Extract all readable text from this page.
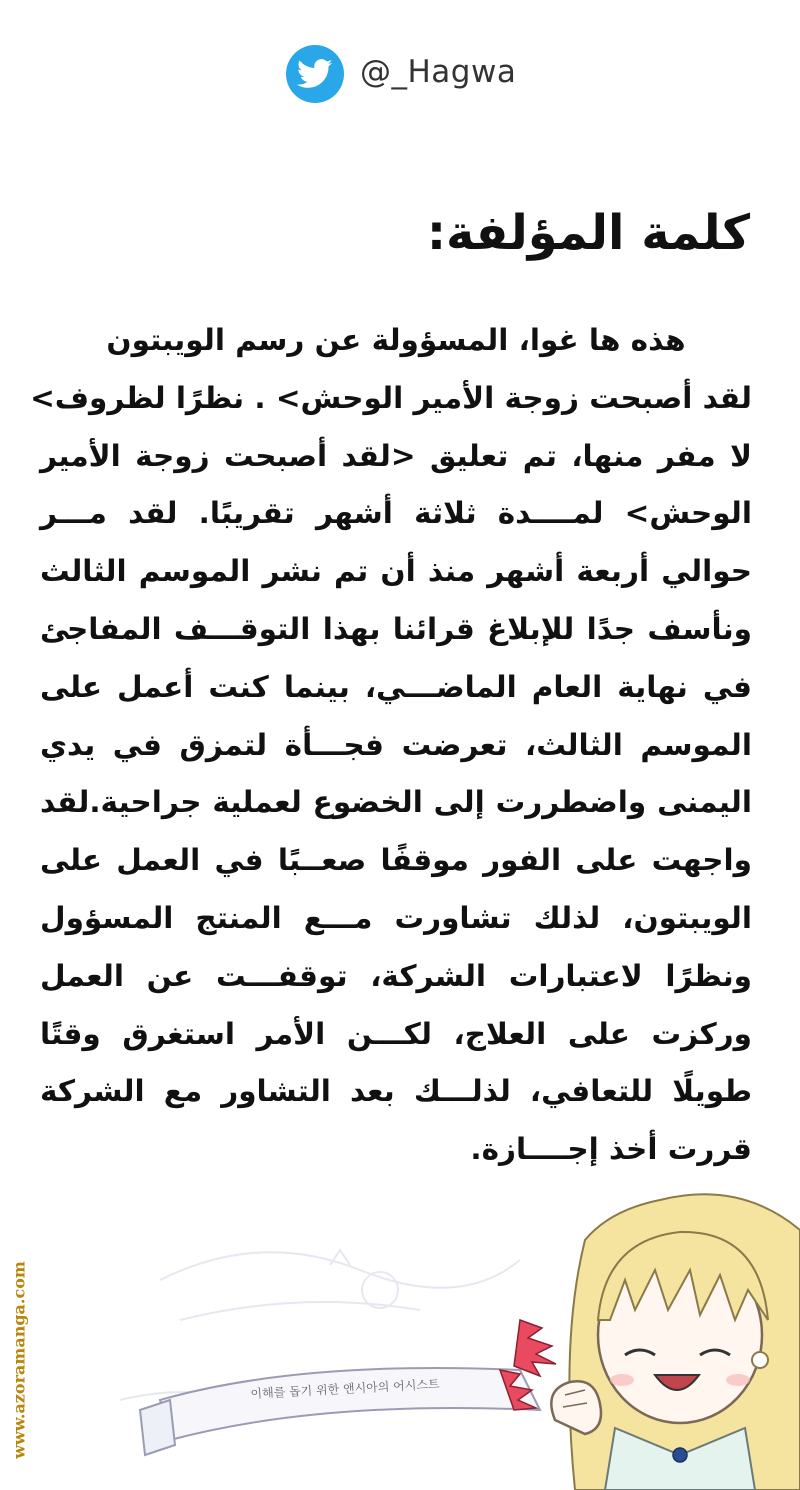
@_Hagwa
كلمة المؤلفة:

هذه ها غوا، المسؤولة عن رسم الويبتون
لقد أصبحت زوجة الأمير الوحش> . نظرًا لظروف>
لا مفر منها، تم تعليق <لقد أصبحت زوجة الأمير
الوحش> لمــــدة ثلاثة أشهر تقريبًا. لقد مـــر
حوالي أربعة أشهر منذ أن تم نشر الموسم الثالث
ونأسف جدًا للإبلاغ قرائنا بهذا التوقـــف المفاجئ
في نهاية العام الماضـــي، بينما كنت أعمل على
الموسم الثالث، تعرضت فجـــأة لتمزق في يدي
اليمنى واضطررت إلى الخضوع لعملية جراحية.لقد
واجهت على الفور موقفًا صعــبًا في العمل على
الويبتون، لذلك تشاورت مـــع المنتج المسؤول
ونظرًا لاعتبارات الشركة، توقفـــت عن العمل
وركزت على العلاج، لكـــن الأمر استغرق وقتًا
طويلًا للتعافي، لذلـــك بعد التشاور مع الشركة
قررت أخذ إجــــازة.

www.azoramanga.com	이해를 돕기 위한 앤시아의 어시스트
